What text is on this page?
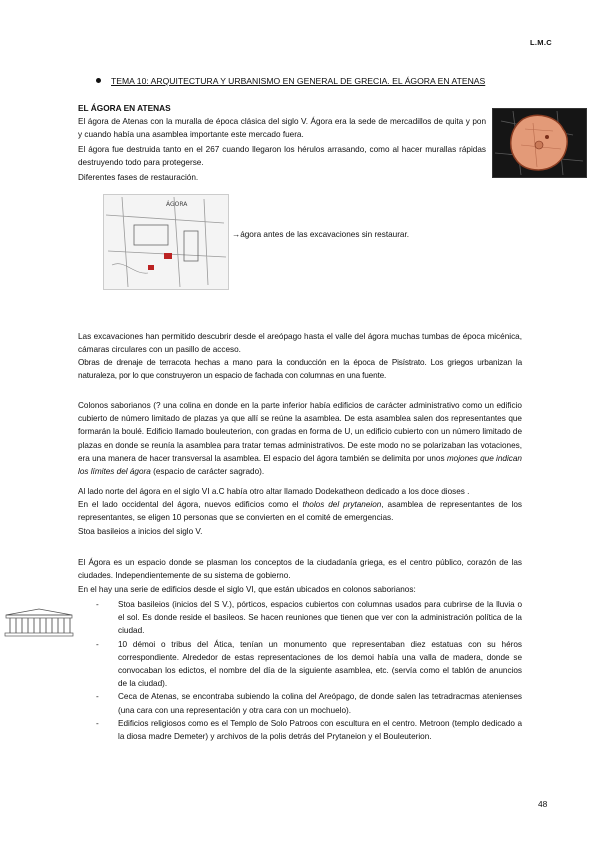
L.M.C
TEMA 10: ARQUITECTURA Y URBANISMO EN GENERAL DE GRECIA. EL ÁGORA EN ATENAS
EL ÁGORA EN ATENAS
El ágora de Atenas con la muralla de época clásica del siglo V. Ágora era la sede de mercadillos de quita y pon y cuando había una asamblea importante este mercado fuera.
El ágora fue destruida tanto en el 267 cuando llegaron los hérulos arrasando, como al hacer murallas rápidas destruyendo todo para protegerse.
Diferentes fases de restauración.
ÁGORA
→ágora antes de las excavaciones sin restaurar.
Las excavaciones han permitido descubrir desde el areópago hasta el valle del ágora muchas tumbas de época micénica, cámaras circulares con un pasillo de acceso.
Obras de drenaje de terracota hechas a mano para la conducción en la época de Pisístrato. Los griegos urbanizan la naturaleza, por lo que construyeron un espacio de fachada con columnas en una fuente.
Colonos saborianos (? una colina en donde en la parte inferior había edificios de carácter administrativo como un edificio cubierto de número limitado de plazas ya que allí se reúne la asamblea. De esta asamblea salen dos representantes que formarán la boulé. Edificio llamado bouleuterion, con gradas en forma de U, un edificio cubierto con un número limitado de plazas en donde se reunía la asamblea para tratar temas administrativos. De este modo no se polarizaban las votaciones, era una manera de hacer transversal la asamblea. El espacio del ágora también se delimita por unos mojones que indican los límites del ágora (espacio de carácter sagrado).
Al lado norte del ágora en el siglo VI a.C había otro altar llamado Dodekatheon dedicado a los doce dioses .
En el lado occidental del ágora, nuevos edificios como el tholos del prytaneion, asamblea de representantes de los representantes, se eligen 10 personas que se convierten en el comité de emergencias.
Stoa basileios a inicios del siglo V.
El Ágora es un espacio donde se plasman los conceptos de la ciudadanía griega, es el centro público, corazón de las ciudades. Independientemente de su sistema de gobierno.
En el hay una serie de edificios desde el siglo VI, que están ubicados en colonos saborianos:
- Stoa basileios (inicios del S V.), pórticos, espacios cubiertos con columnas usados para cubrirse de la lluvia o el sol. Es donde reside el basileos. Se hacen reuniones que tienen que ver con la administración política de la ciudad.
- 10 démoi o tribus del Ática, tenían un monumento que representaban diez estatuas con su héros correspondiente. Alrededor de estas representaciones de los demoi había una valla de madera, donde se convocaban los edictos, el nombre del día de la siguiente asamblea, etc. (servía como el tablón de anuncios de la ciudad).
- Ceca de Atenas, se encontraba subiendo la colina del Areópago, de donde salen las tetradracmas atenienses (una cara con una representación y otra cara con un mochuelo).
- Edificios religiosos como es el Templo de Solo Patroos con escultura en el centro. Metroon (templo dedicado a la diosa madre Demeter) y archivos de la polis detrás del Prytaneion y el Bouleuterion.
48
